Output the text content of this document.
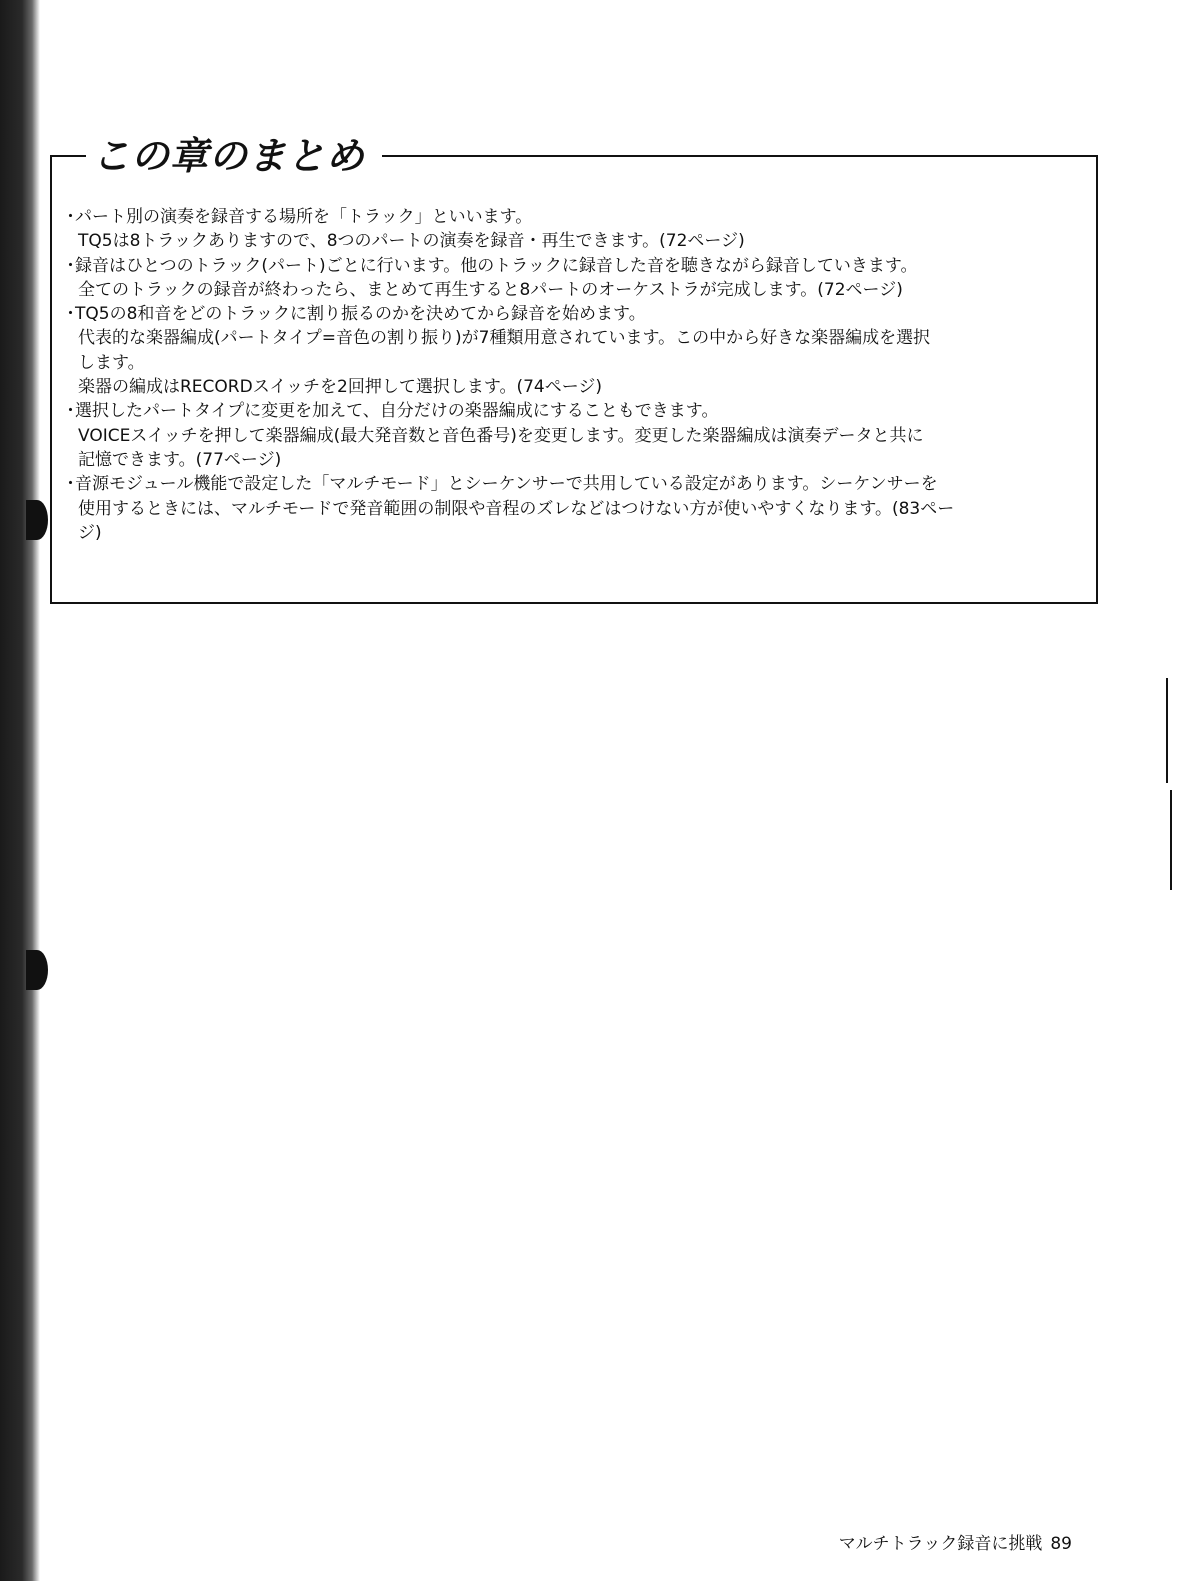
この章のまとめ
・ パート別の演奏を録音する場所を「トラック」といいます。
TQ5は8トラックありますので、8つのパートの演奏を録音・再生できます。(72ページ)
・ 録音はひとつのトラック(パート)ごとに行います。他のトラックに録音した音を聴きながら録音していきます。
全てのトラックの録音が終わったら、まとめて再生すると8パートのオーケストラが完成します。(72ページ)
・ TQ5の8和音をどのトラックに割り振るのかを決めてから録音を始めます。
代表的な楽器編成(パートタイプ=音色の割り振り)が7種類用意されています。この中から好きな楽器編成を選択
します。
楽器の編成はRECORDスイッチを2回押して選択します。(74ページ)
・ 選択したパートタイプに変更を加えて、自分だけの楽器編成にすることもできます。
VOICEスイッチを押して楽器編成(最大発音数と音色番号)を変更します。変更した楽器編成は演奏データと共に
記憶できます。(77ページ)
・ 音源モジュール機能で設定した「マルチモード」とシーケンサーで共用している設定があります。シーケンサーを
使用するときには、マルチモードで発音範囲の制限や音程のズレなどはつけない方が使いやすくなります。(83ペー
ジ)
マルチトラック録音に挑戦 89
